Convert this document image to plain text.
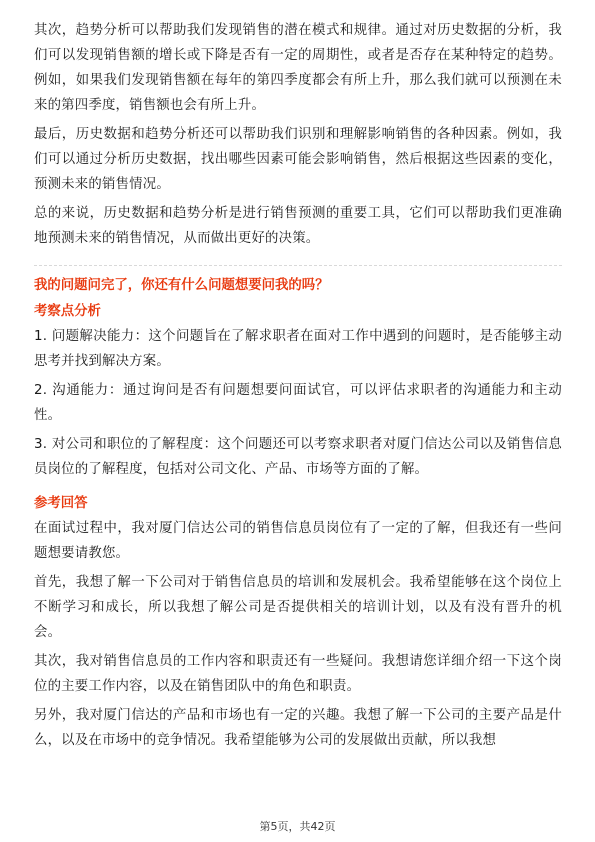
其次，趋势分析可以帮助我们发现销售的潜在模式和规律。通过对历史数据的分析，我们可以发现销售额的增长或下降是否有一定的周期性，或者是否存在某种特定的趋势。例如，如果我们发现销售额在每年的第四季度都会有所上升，那么我们就可以预测在未来的第四季度，销售额也会有所上升。

最后，历史数据和趋势分析还可以帮助我们识别和理解影响销售的各种因素。例如，我们可以通过分析历史数据，找出哪些因素可能会影响销售，然后根据这些因素的变化，预测未来的销售情况。

总的来说，历史数据和趋势分析是进行销售预测的重要工具，它们可以帮助我们更准确地预测未来的销售情况，从而做出更好的决策。

我的问题问完了，你还有什么问题想要问我的吗？

考察点分析

1. 问题解决能力：这个问题旨在了解求职者在面对工作中遇到的问题时，是否能够主动思考并找到解决方案。

2. 沟通能力：通过询问是否有问题想要问面试官，可以评估求职者的沟通能力和主动性。

3. 对公司和职位的了解程度：这个问题还可以考察求职者对厦门信达公司以及销售信息员岗位的了解程度，包括对公司文化、产品、市场等方面的了解。

参考回答

在面试过程中，我对厦门信达公司的销售信息员岗位有了一定的了解，但我还有一些问题想要请教您。

首先，我想了解一下公司对于销售信息员的培训和发展机会。我希望能够在这个岗位上不断学习和成长，所以我想了解公司是否提供相关的培训计划，以及有没有晋升的机会。

其次，我对销售信息员的工作内容和职责还有一些疑问。我想请您详细介绍一下这个岗位的主要工作内容，以及在销售团队中的角色和职责。

另外，我对厦门信达的产品和市场也有一定的兴趣。我想了解一下公司的主要产品是什么，以及在市场中的竞争情况。我希望能够为公司的发展做出贡献，所以我想

第5页，共42页
